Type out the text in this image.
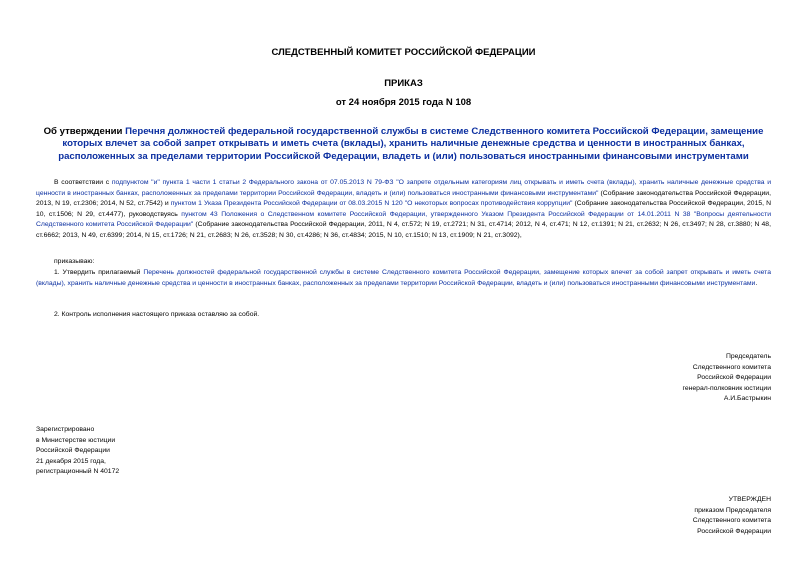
СЛЕДСТВЕННЫЙ КОМИТЕТ РОССИЙСКОЙ ФЕДЕРАЦИИ
ПРИКАЗ
от 24 ноября 2015 года N 108
Об утверждении Перечня должностей федеральной государственной службы в системе Следственного комитета Российской Федерации, замещение которых влечет за собой запрет открывать и иметь счета (вклады), хранить наличные денежные средства и ценности в иностранных банках, расположенных за пределами территории Российской Федерации, владеть и (или) пользоваться иностранными финансовыми инструментами
В соответствии с подпунктом "и" пункта 1 части 1 статьи 2 Федерального закона от 07.05.2013 N 79-ФЗ "О запрете отдельным категориям лиц открывать и иметь счета (вклады), хранить наличные денежные средства и ценности в иностранных банках, расположенных за пределами территории Российской Федерации, владеть и (или) пользоваться иностранными финансовыми инструментами" (Собрание законодательства Российской Федерации, 2013, N 19, ст.2306; 2014, N 52, ст.7542) и пунктом 1 Указа Президента Российской Федерации от 08.03.2015 N 120 "О некоторых вопросах противодействия коррупции" (Собрание законодательства Российской Федерации, 2015, N 10, ст.1506; N 29, ст.4477), руководствуясь пунктом 43 Положения о Следственном комитете Российской Федерации, утвержденного Указом Президента Российской Федерации от 14.01.2011 N 38 "Вопросы деятельности Следственного комитета Российской Федерации" (Собрание законодательства Российской Федерации, 2011, N 4, ст.572; N 19, ст.2721; N 31, ст.4714; 2012, N 4, ст.471; N 12, ст.1391; N 21, ст.2632; N 26, ст.3497; N 28, ст.3880; N 48, ст.6662; 2013, N 49, ст.6399; 2014, N 15, ст.1726; N 21, ст.2683; N 26, ст.3528; N 30, ст.4286; N 36, ст.4834; 2015, N 10, ст.1510; N 13, ст.1909; N 21, ст.3092),
приказываю:
1. Утвердить прилагаемый Перечень должностей федеральной государственной службы в системе Следственного комитета Российской Федерации, замещение которых влечет за собой запрет открывать и иметь счета (вклады), хранить наличные денежные средства и ценности в иностранных банках, расположенных за пределами территории Российской Федерации, владеть и (или) пользоваться иностранными финансовыми инструментами.
2. Контроль исполнения настоящего приказа оставляю за собой.
Председатель
Следственного комитета
Российской Федерации
генерал-полковник юстиции
А.И.Бастрыкин
Зарегистрировано
в Министерстве юстиции
Российской Федерации
21 декабря 2015 года,
регистрационный N 40172
УТВЕРЖДЕН
приказом Председателя
Следственного комитета
Российской Федерации
